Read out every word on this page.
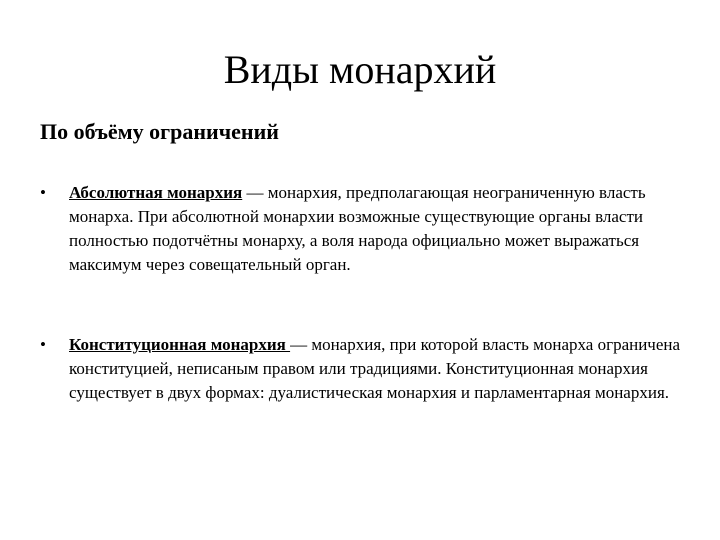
Виды монархий
По объёму ограничений
•	Абсолютная монархия — монархия, предполагающая неограниченную власть монарха. При абсолютной монархии возможные существующие органы власти полностью подотчётны монарху, а воля народа официально может выражаться максимум через совещательный орган.
•	Конституционная монархия — монархия, при которой власть монарха ограничена конституцией, неписаным правом или традициями. Конституционная монархия существует в двух формах: дуалистическая монархия и парламентарная монархия.
